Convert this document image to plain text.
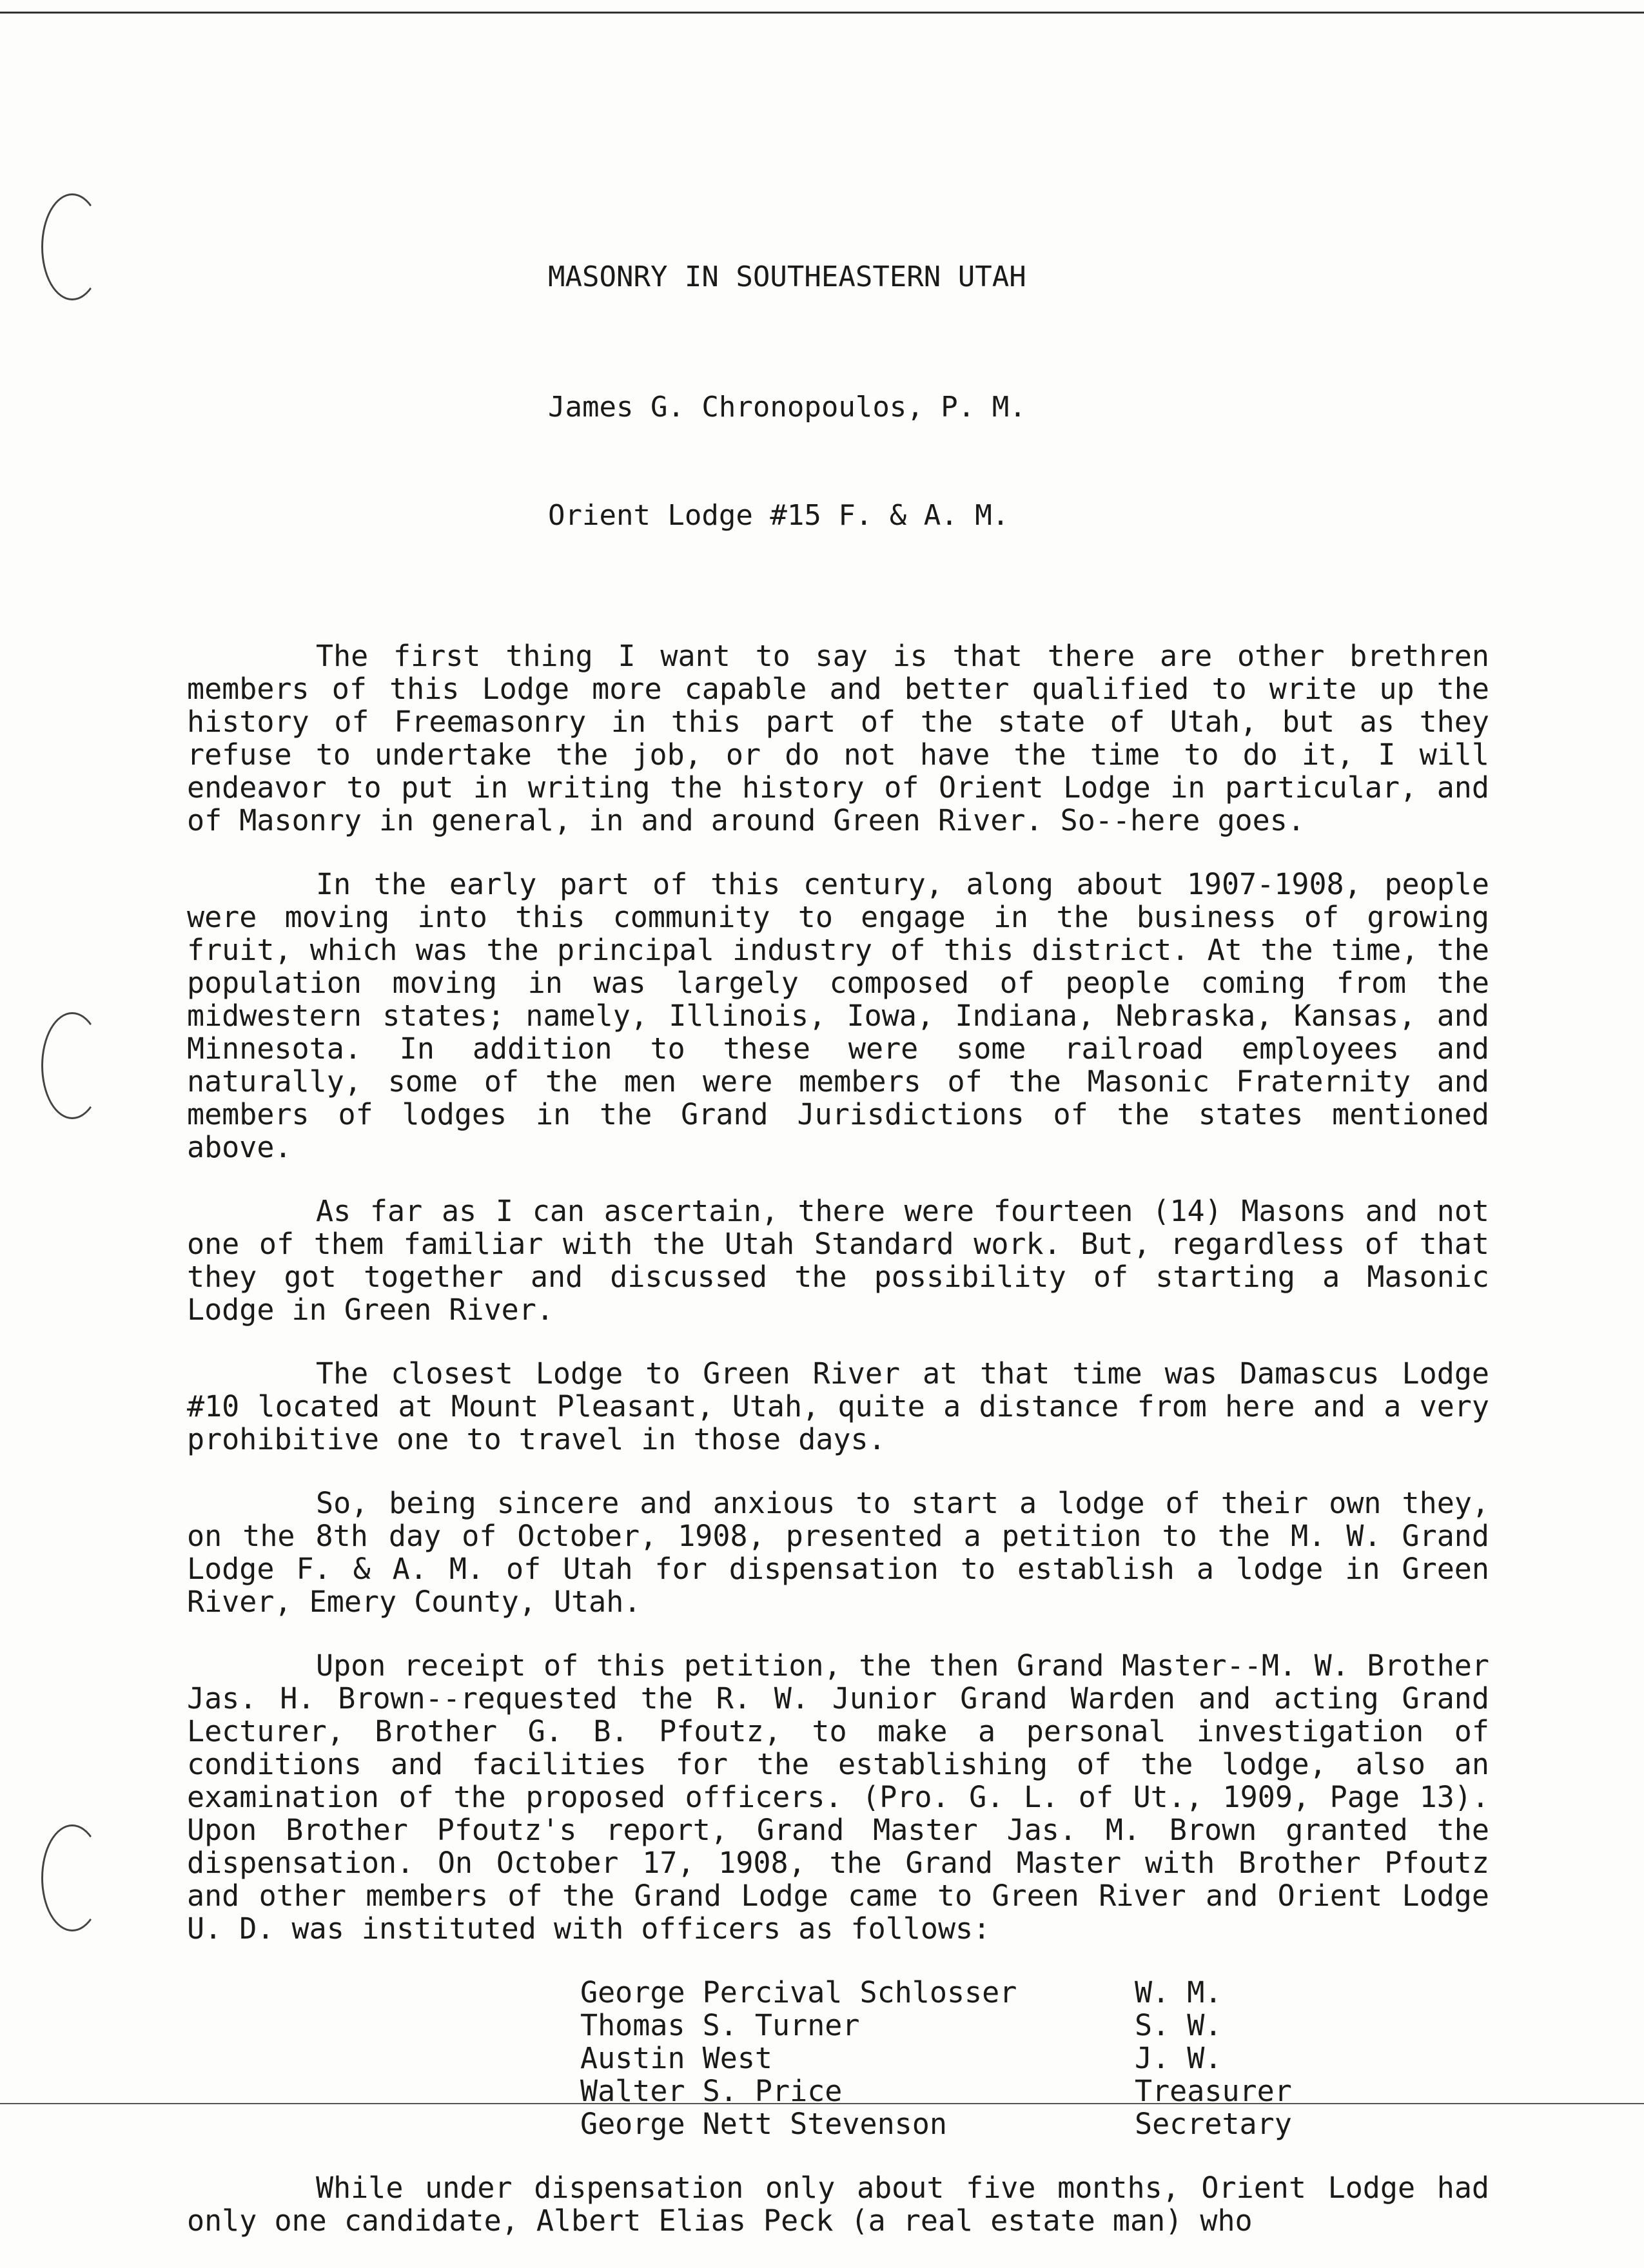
MASONRY IN SOUTHEASTERN UTAH

James G. Chronopoulos, P. M.

Orient Lodge #15 F. & A. M.

The first thing I want to say is that there are other brethren members of this Lodge more capable and better qualified to write up the history of Freemasonry in this part of the state of Utah, but as they refuse to undertake the job, or do not have the time to do it, I will endeavor to put in writing the history of Orient Lodge in particular, and of Masonry in general, in and around Green River. So--here goes.

In the early part of this century, along about 1907-1908, people were moving into this community to engage in the business of growing fruit, which was the principal industry of this district. At the time, the population moving in was largely composed of people coming from the midwestern states; namely, Illinois, Iowa, Indiana, Nebraska, Kansas, and Minnesota. In addition to these were some railroad employees and naturally, some of the men were members of the Masonic Fraternity and members of lodges in the Grand Jurisdictions of the states mentioned above.

As far as I can ascertain, there were fourteen (14) Masons and not one of them familiar with the Utah Standard work. But, regardless of that they got together and discussed the possibility of starting a Masonic Lodge in Green River.

The closest Lodge to Green River at that time was Damascus Lodge #10 located at Mount Pleasant, Utah, quite a distance from here and a very prohibitive one to travel in those days.

So, being sincere and anxious to start a lodge of their own they, on the 8th day of October, 1908, presented a petition to the M. W. Grand Lodge F. & A. M. of Utah for dispensation to establish a lodge in Green River, Emery County, Utah.

Upon receipt of this petition, the then Grand Master--M. W. Brother Jas. H. Brown--requested the R. W. Junior Grand Warden and acting Grand Lecturer, Brother G. B. Pfoutz, to make a personal investigation of conditions and facilities for the establishing of the lodge, also an examination of the proposed officers. (Pro. G. L. of Ut., 1909, Page 13). Upon Brother Pfoutz's report, Grand Master Jas. M. Brown granted the dispensation. On October 17, 1908, the Grand Master with Brother Pfoutz and other members of the Grand Lodge came to Green River and Orient Lodge U. D. was instituted with officers as follows:

George Percival Schlosser	W. M.
Thomas S. Turner	S. W.
Austin West	J. W.
Walter S. Price	Treasurer
George Nett Stevenson	Secretary

While under dispensation only about five months, Orient Lodge had only one candidate, Albert Elias Peck (a real estate man) who
